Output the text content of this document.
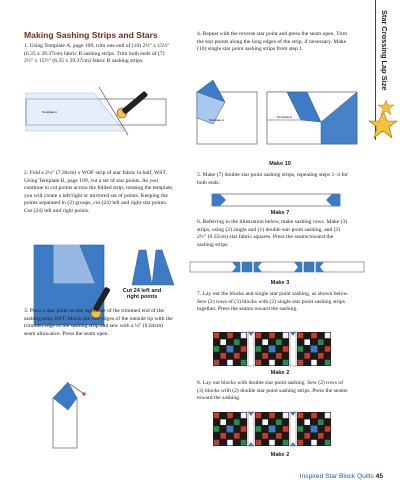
Star Crossing Lap Size
Making Sashing Strips and Stars
1. Using Template A, page 109, trim one end of (10) 2½" x 15½" (6.35 x 39.37cm) fabric B sashing strips. Trim both ends of (7) 2½" x 15½" (6.35 x 39.37cm) fabric B sashing strips.
Template A
2. Fold a 2¼" (7.30cm) x WOF strip of star fabric in half, WST. Using Template B, page 109, cut a set of star points. As you continue to cut points across the folded strip, rotating the template, you will create a left/right or mirrored set of points. Keeping the points separated in (2) groups, cut (24) left and right star points. Cut (24) left and right points.
Cut 24 left and
right points
3. Place a star point on the right side of the trimmed end of the sashing strip, RST. Match the raw edges of the outside tip with the trimmed edge of the sashing strip and sew with a ¼" (0.64cm) seam allowance. Press the seam open.
4. Repeat with the reverse star point and press the seam open. Trim the star points along the long edges of the strip, if necessary. Make (10) single star point sashing strips from step 1.
Template A
Template A
Make 10
5. Make (7) double star point sashing strips, repeating steps 1–4 for both ends.
Make 7
6. Referring to the illustration below, make sashing rows. Make (3) strips, using (2) single and (1) double star point sashing, and (2) 2½" (6.35cm) star fabric squares. Press the seams toward the sashing strips.
Make 3
7. Lay out the blocks and single star point sashing, as shown below. Sew (2) rows of (3) blocks with (2) single star point sashing strips together. Press the seams toward the sashing.
Make 2
8. Lay out blocks with double star point sashing. Sew (2) rows of (3) blocks with (2) double star point sashing strips. Press the seams toward the sashing.
Make 2
Inspired Star Block Quilts 45
